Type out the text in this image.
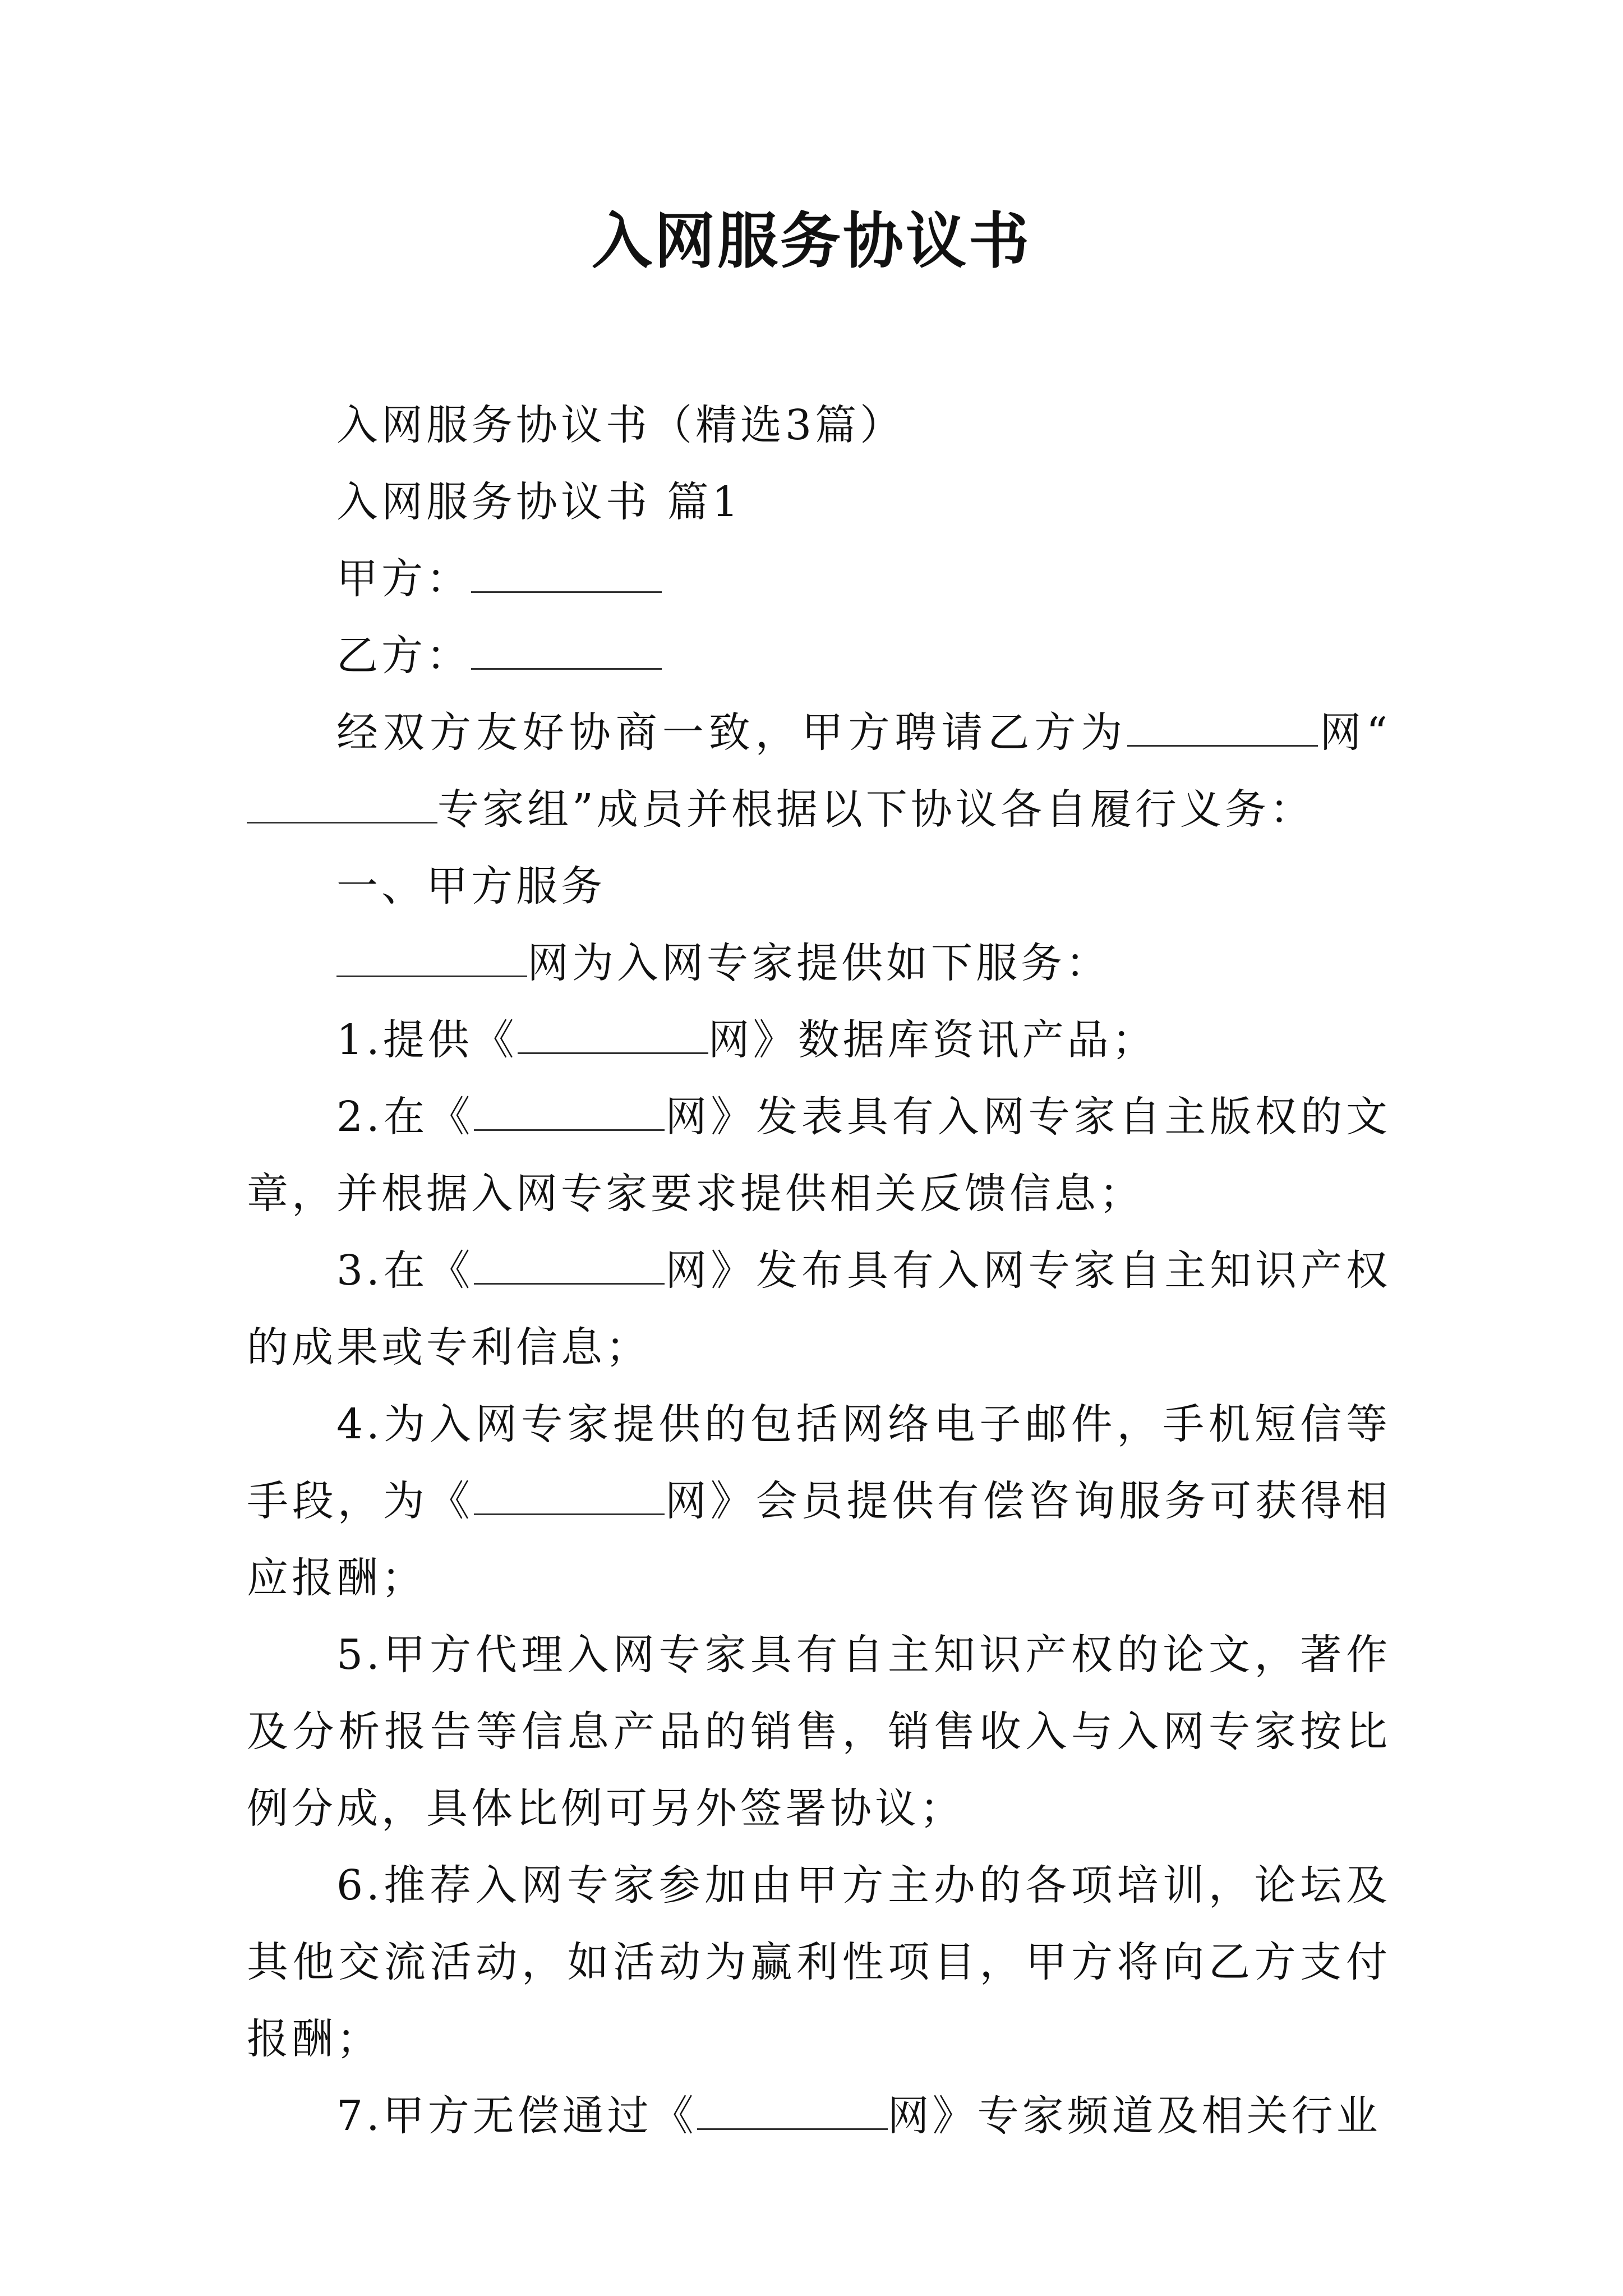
入网服务协议书

入网服务协议书（精选3篇）

入网服务协议书 篇1

甲方：

乙方：

经双方友好协商一致，甲方聘请乙方为	网“专家组”成员并根据以下协议各自履行义务：

一、甲方服务

网为入网专家提供如下服务：

1.提供《	网》数据库资讯产品；

2.在《	网》发表具有入网专家自主版权的文章，并根据入网专家要求提供相关反馈信息；

3.在《	网》发布具有入网专家自主知识产权的成果或专利信息；

4.为入网专家提供的包括网络电子邮件，手机短信等手段，为《	网》会员提供有偿咨询服务可获得相应报酬；

5.甲方代理入网专家具有自主知识产权的论文，著作及分析报告等信息产品的销售，销售收入与入网专家按比例分成，具体比例可另外签署协议；

6.推荐入网专家参加由甲方主办的各项培训，论坛及其他交流活动，如活动为赢利性项目，甲方将向乙方支付报酬；

7.甲方无偿通过《	网》专家频道及相关行业
